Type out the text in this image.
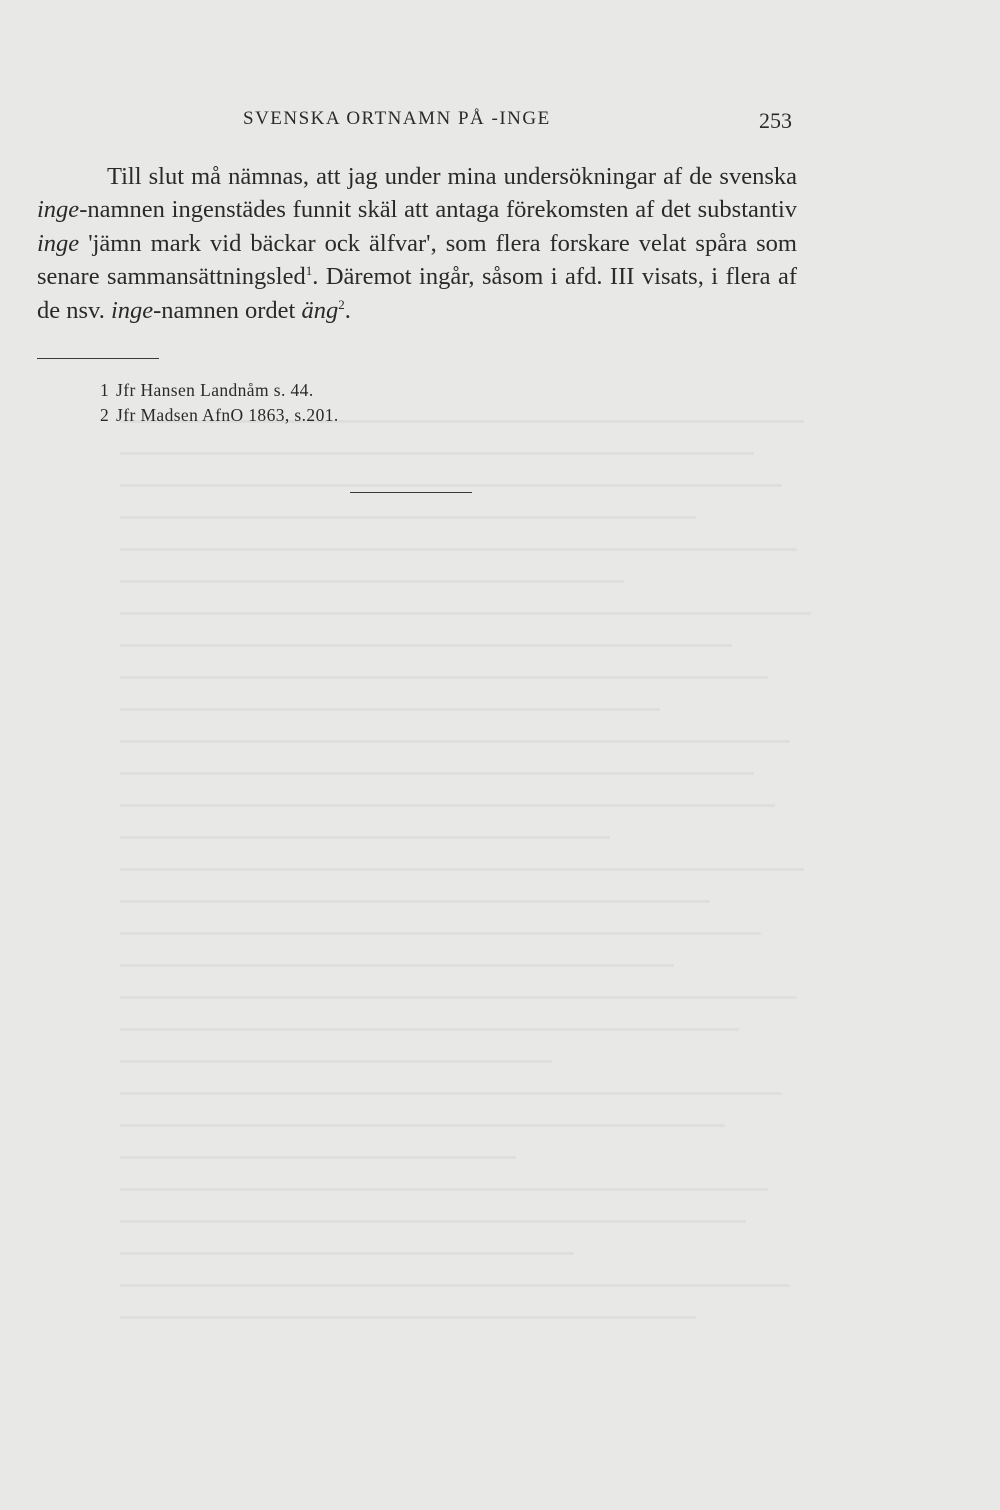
SVENSKA ORTNAMN PÅ -INGE	253
Till slut må nämnas, att jag under mina undersökningar af de svenska inge-namnen ingenstädes funnit skäl att antaga förekomsten af det substantiv inge 'jämn mark vid bäckar ock älfvar', som flera forskare velat spåra som senare sammansättningsled$^1$. Däremot ingår, såsom i afd. III visats, i flera af de nsv. inge-namnen ordet äng$^2$.
1 Jfr Hansen Landnåm s. 44.
2 Jfr Madsen AfnO 1863, s.201.
